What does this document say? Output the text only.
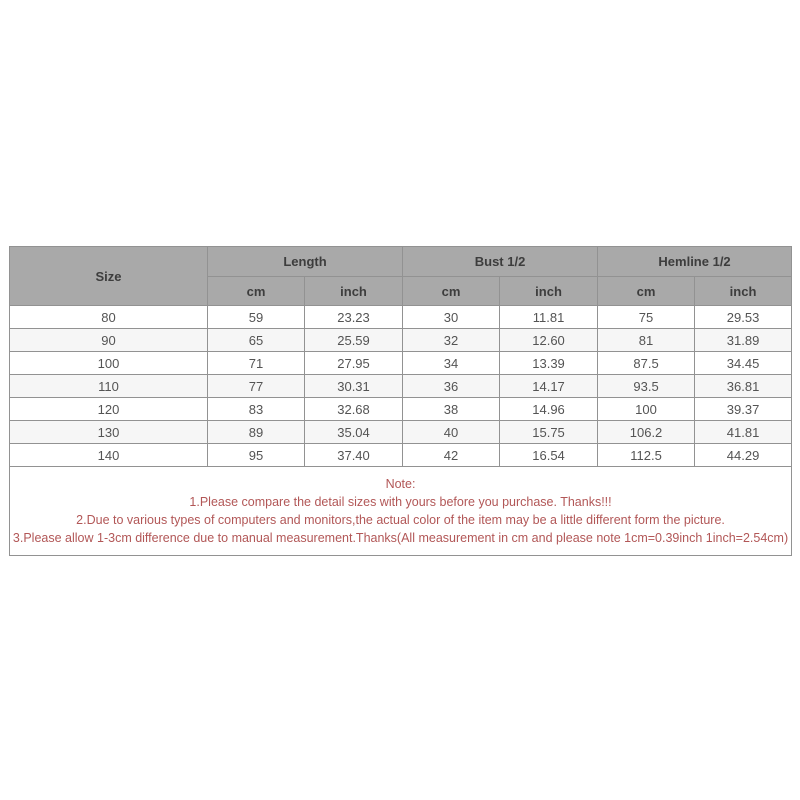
Size	Length		Bust 1/2		Hemline 1/2	
	cm	inch	cm	inch	cm	inch
80	59	23.23	30	11.81	75	29.53
90	65	25.59	32	12.60	81	31.89
100	71	27.95	34	13.39	87.5	34.45
110	77	30.31	36	14.17	93.5	36.81
120	83	32.68	38	14.96	100	39.37
130	89	35.04	40	15.75	106.2	41.81
140	95	37.40	42	16.54	112.5	44.29

Note:
1.Please compare the detail sizes with yours before you purchase. Thanks!!!
2.Due to various types of computers and monitors,the actual color of the item may be a little different form the picture.
3.Please allow 1-3cm difference due to manual measurement.Thanks(All measurement in cm and please note 1cm=0.39inch 1inch=2.54cm)						
